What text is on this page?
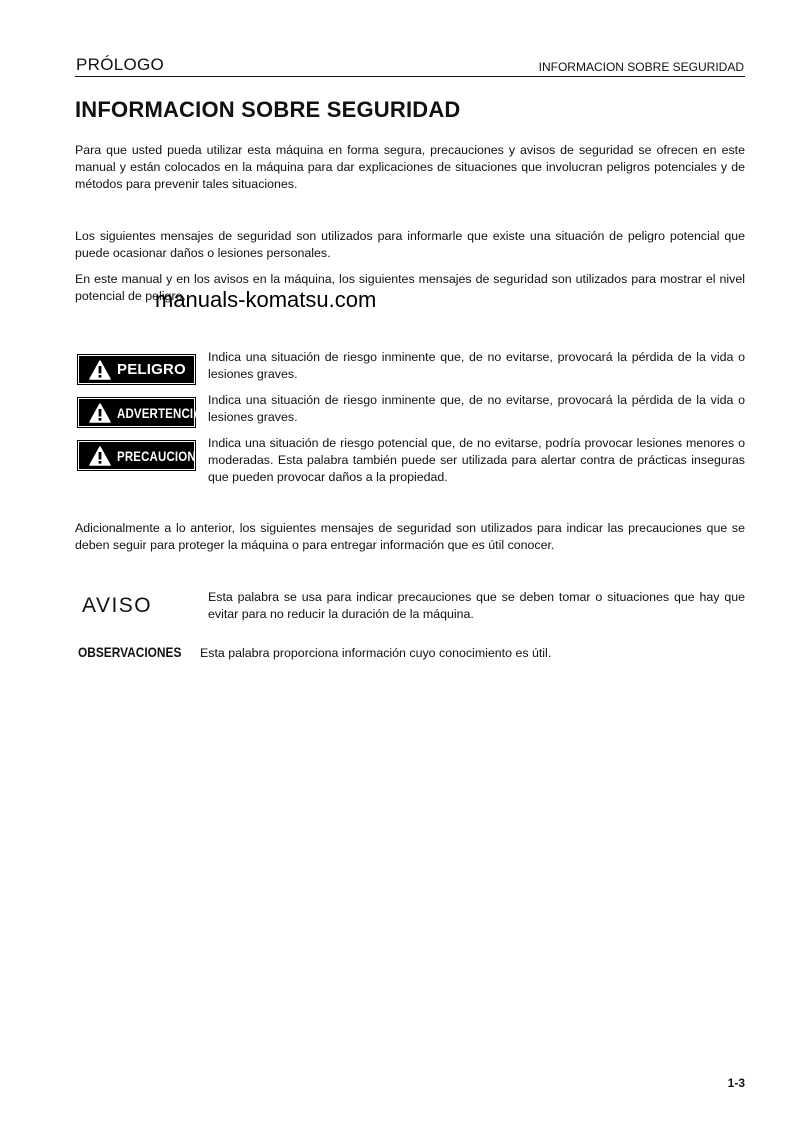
PRÓLOGO	INFORMACION SOBRE SEGURIDAD
INFORMACION SOBRE SEGURIDAD

Para que usted pueda utilizar esta máquina en forma segura, precauciones y avisos de seguridad se ofrecen en este manual y están colocados en la máquina para dar explicaciones de situaciones que involucran peligros potenciales y de métodos para prevenir tales situaciones.

Los siguientes mensajes de seguridad son utilizados para informarle que existe una situación de peligro potencial que puede ocasionar daños o lesiones personales.

En este manual y en los avisos en la máquina, los siguientes mensajes de seguridad son utilizados para mostrar el nivel potencial de peligro.

manuals-komatsu.com
PELIGRO
Indica una situación de riesgo inminente que, de no evitarse, provocará la pérdida de la vida o lesiones graves.
ADVERTENCIA
Indica una situación de riesgo inminente que, de no evitarse, provocará la pérdida de la vida o lesiones graves.
PRECAUCION
Indica una situación de riesgo potencial que, de no evitarse, podría provocar lesiones menores o moderadas. Esta palabra también puede ser utilizada para alertar contra de prácticas inseguras que pueden provocar daños a la propiedad.

Adicionalmente a lo anterior, los siguientes mensajes de seguridad son utilizados para indicar las precauciones que se deben seguir para proteger la máquina o para entregar información que es útil conocer.

AVISO	Esta palabra se usa para indicar precauciones que se deben tomar o situaciones que hay que evitar para no reducir la duración de la máquina.
OBSERVACIONES Esta palabra proporciona información cuyo conocimiento es útil.
1-3
